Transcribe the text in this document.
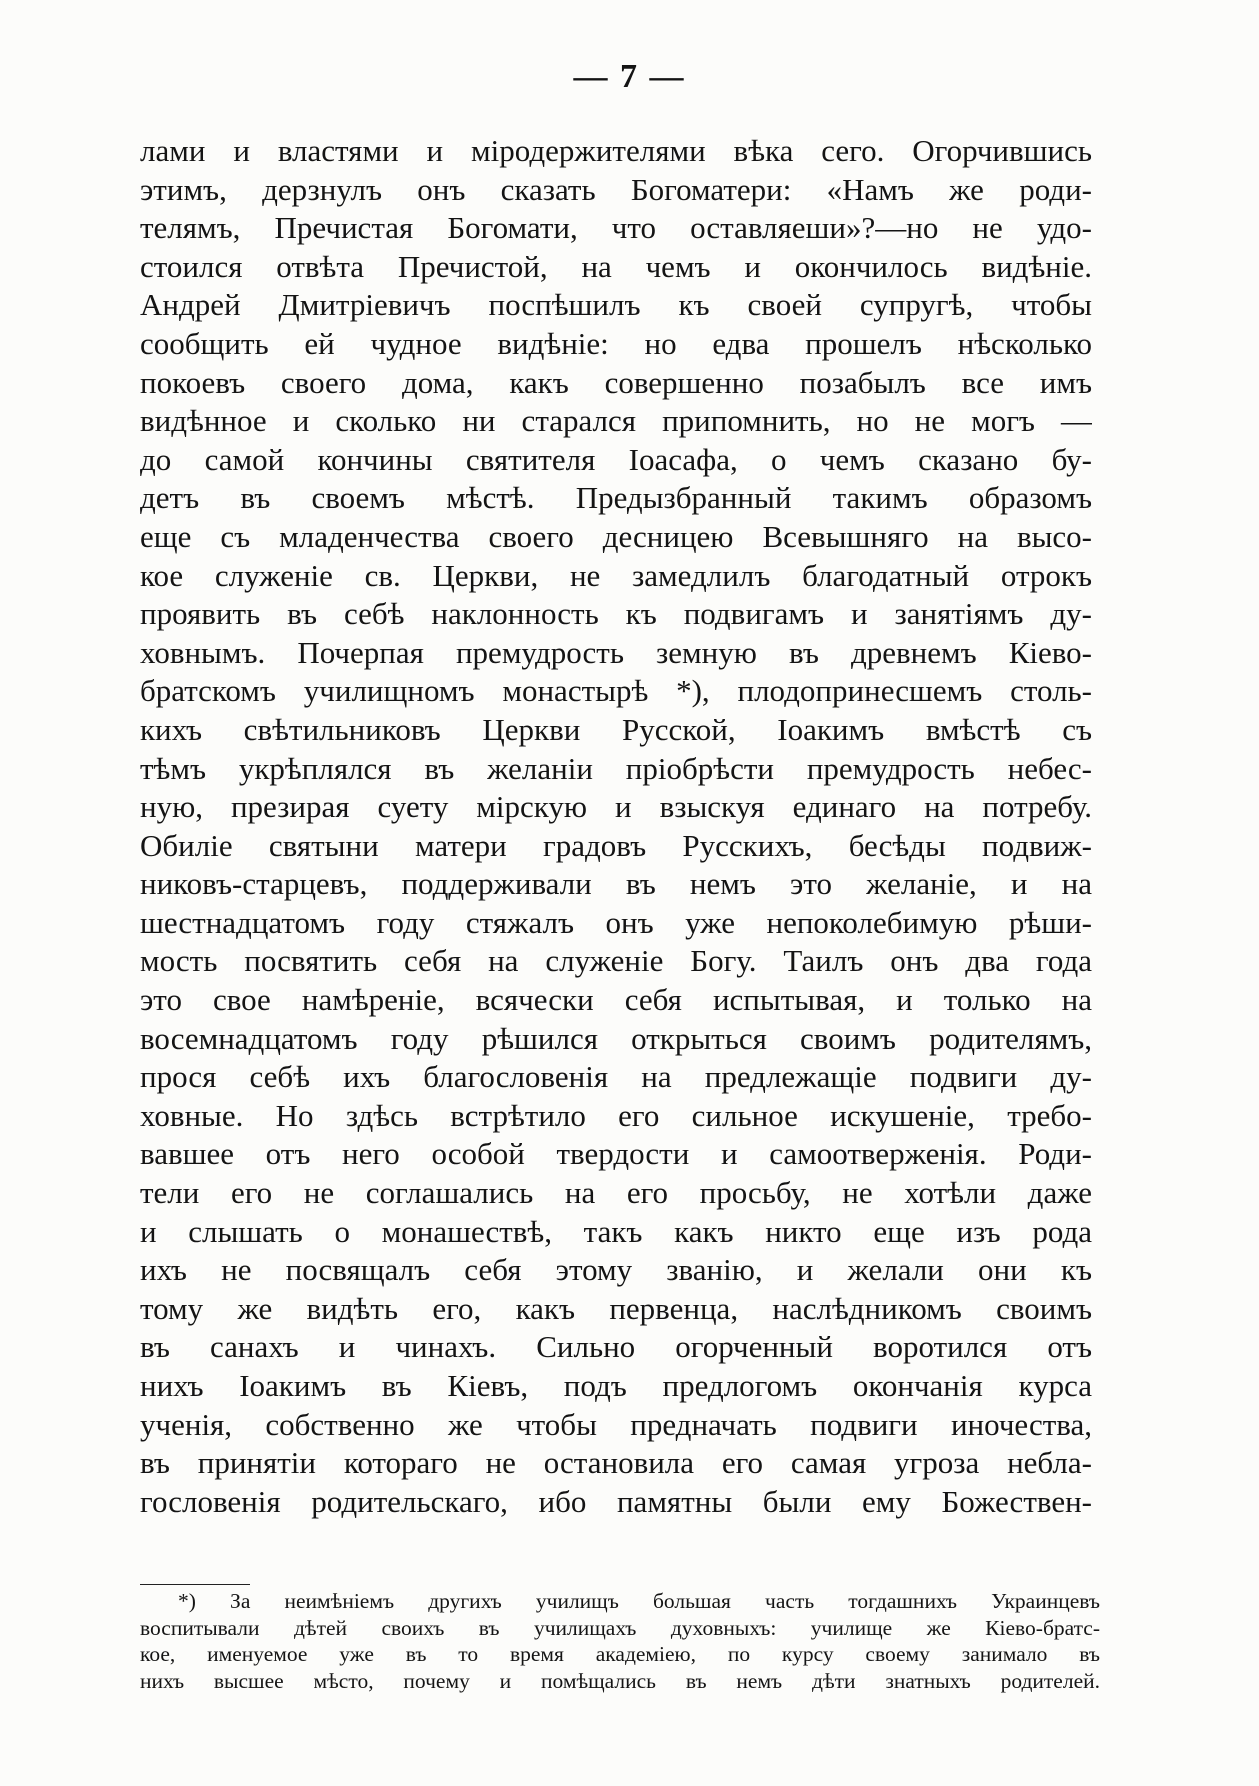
— 7 —
лами и властями и мiродержителями вѣка сего. Огорчившись
этимъ, дерзнулъ онъ сказать Богоматери: «Намъ же роди-
телямъ, Пречистая Богомати, что оставляеши»?—но не удо-
стоился отвѣта Пречистой, на чемъ и окончилось видѣнiе.
Андрей Дмитрiевичъ поспѣшилъ къ своей супругѣ, чтобы
сообщить ей чудное видѣнiе: но едва прошелъ нѣсколько
покоевъ своего дома, какъ совершенно позабылъ все имъ
видѣнное и сколько ни старался припомнить, но не могъ —
до самой кончины святителя Iоасафа, о чемъ сказано бу-
детъ въ своемъ мѣстѣ. Предызбранный такимъ образомъ
еще съ младенчества своего десницею Всевышняго на высо-
кое служенiе св. Церкви, не замедлилъ благодатный отрокъ
проявить въ себѣ наклонность къ подвигамъ и занятiямъ ду-
ховнымъ. Почерпая премудрость земную въ древнемъ Кiево-
братскомъ училищномъ монастырѣ *), плодопринесшемъ столь-
кихъ свѣтильниковъ Церкви Русской, Iоакимъ вмѣстѣ съ
тѣмъ укрѣплялся въ желанiи прiобрѣсти премудрость небес-
ную, презирая суету мiрскую и взыскуя единаго на потребу.
Обилiе святыни матери градовъ Русскихъ, бесѣды подвиж-
никовъ-старцевъ, поддерживали въ немъ это желанiе, и на
шестнадцатомъ году стяжалъ онъ уже непоколебимую рѣши-
мость посвятить себя на служенiе Богу. Таилъ онъ два года
это свое намѣренiе, всячески себя испытывая, и только на
восемнадцатомъ году рѣшился открыться своимъ родителямъ,
прося себѣ ихъ благословенiя на предлежащiе подвиги ду-
ховные. Но здѣсь встрѣтило его сильное искушенiе, требо-
вавшее отъ него особой твердости и самоотверженiя. Роди-
тели его не соглашались на его просьбу, не хотѣли даже
и слышать о монашествѣ, такъ какъ никто еще изъ рода
ихъ не посвящалъ себя этому званiю, и желали они къ
тому же видѣть его, какъ первенца, наслѣдникомъ своимъ
въ санахъ и чинахъ. Сильно огорченный воротился отъ
нихъ Iоакимъ въ Кiевъ, подъ предлогомъ окончанiя курса
ученiя, собственно же чтобы предначать подвиги иночества,
въ принятiи котораго не остановила его самая угроза небла-
гословенiя родительскаго, ибо памятны были ему Божествен-
*) За неимѣнiемъ другихъ училищъ большая часть тогдашнихъ Украинцевъ
воспитывали дѣтей своихъ въ училищахъ духовныхъ: училище же Кiево-братс-
кое, именуемое уже въ то время академiею, по курсу своему занимало въ
нихъ высшее мѣсто, почему и помѣщались въ немъ дѣти знатныхъ родителей.
